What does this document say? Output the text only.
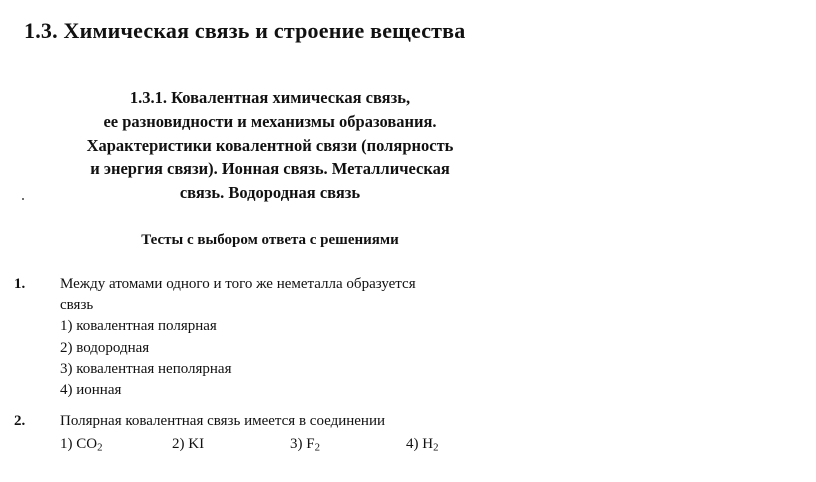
1.3. Химическая связь и строение вещества
1.3.1. Ковалентная химическая связь,
ее разновидности и механизмы образования.
Характеристики ковалентной связи (полярность
и энергия связи). Ионная связь. Металлическая
связь. Водородная связь
Тесты с выбором ответа с решениями
1. Между атомами одного и того же неметалла образуется
связь
1) ковалентная полярная
2) водородная
3) ковалентная неполярная
4) ионная
2. Полярная ковалентная связь имеется в соединении
1) $CO_2$	2) KI	3) $F_2$	4) $H_2$
